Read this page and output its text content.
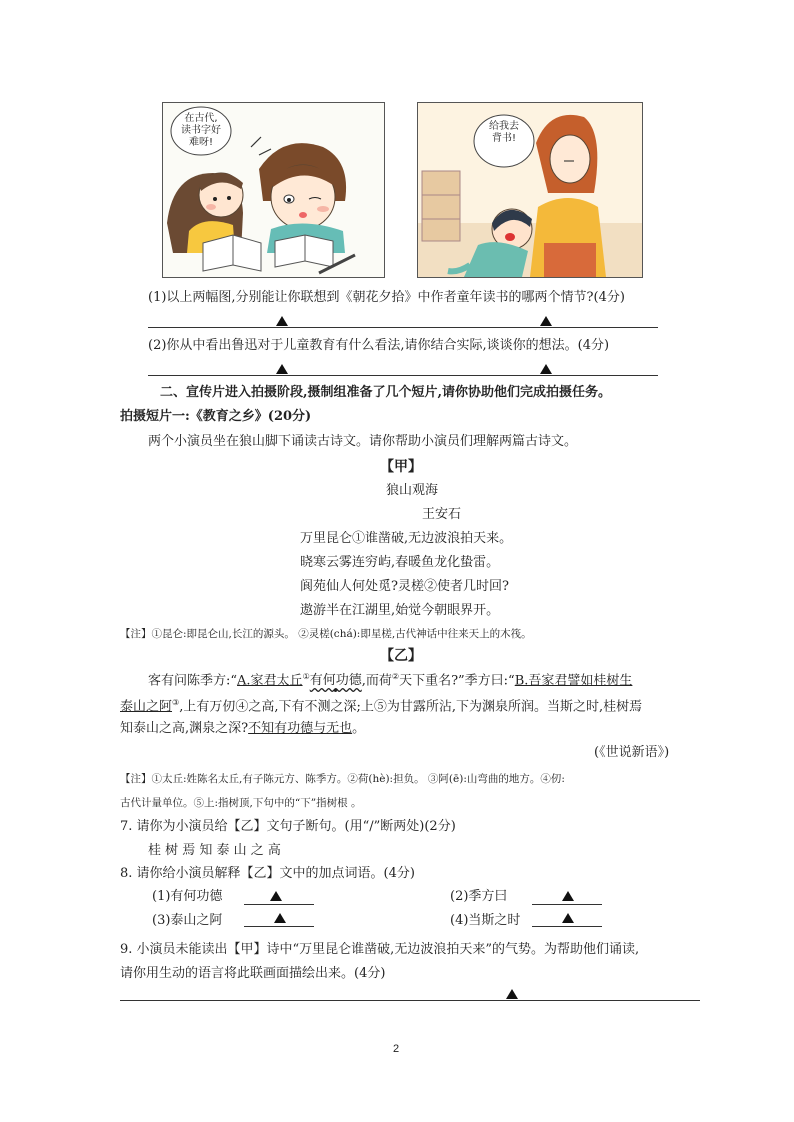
在古代,
读书字好
难呀!
给我去
背书!
(1)以上两幅图,分别能让你联想到《朝花夕拾》中作者童年读书的哪两个情节?(4分)
(2)你从中看出鲁迅对于儿童教育有什么看法,请你结合实际,谈谈你的想法。(4分)
二、宣传片进入拍摄阶段,摄制组准备了几个短片,请你协助他们完成拍摄任务。
拍摄短片一:《教育之乡》(20分)
两个小演员坐在狼山脚下诵读古诗文。请你帮助小演员们理解两篇古诗文。
【甲】
狼山观海
王安石
万里昆仑①谁凿破,无边波浪拍天来。
晓寒云雾连穷屿,春暖鱼龙化蛰雷。
阆苑仙人何处觅?灵槎②使者几时回?
遨游半在江湖里,始觉今朝眼界开。
【注】①昆仑:即昆仑山,长江的源头。 ②灵槎(chá):即星槎,古代神话中往来天上的木筏。
【乙】
客有问陈季方:“A.家君太丘①有何功德,而荷②天下重名?”季方曰:“B.吾家君譬如桂树生
泰山之阿③,上有万仞④之高,下有不测之深;上⑤为甘露所沾,下为渊泉所润。当斯之时,桂树焉
知泰山之高,渊泉之深?不知有功德与无也。
(《世说新语》)
【注】①太丘:姓陈名太丘,有子陈元方、陈季方。②荷(hè):担负。 ③阿(ē):山弯曲的地方。④仞:
古代计量单位。⑤上:指树顶,下句中的“下”指树根 。
7. 请你为小演员给【乙】文句子断句。(用“/”断两处)(2分)
桂 树 焉 知 泰 山 之 高
8. 请你给小演员解释【乙】文中的加点词语。(4分)
(1)有何功德	(2)季方曰
(3)泰山之阿	(4)当斯之时
9. 小演员未能读出【甲】诗中“万里昆仑谁凿破,无边波浪拍天来”的气势。为帮助他们诵读,
请你用生动的语言将此联画面描绘出来。(4分)
2
